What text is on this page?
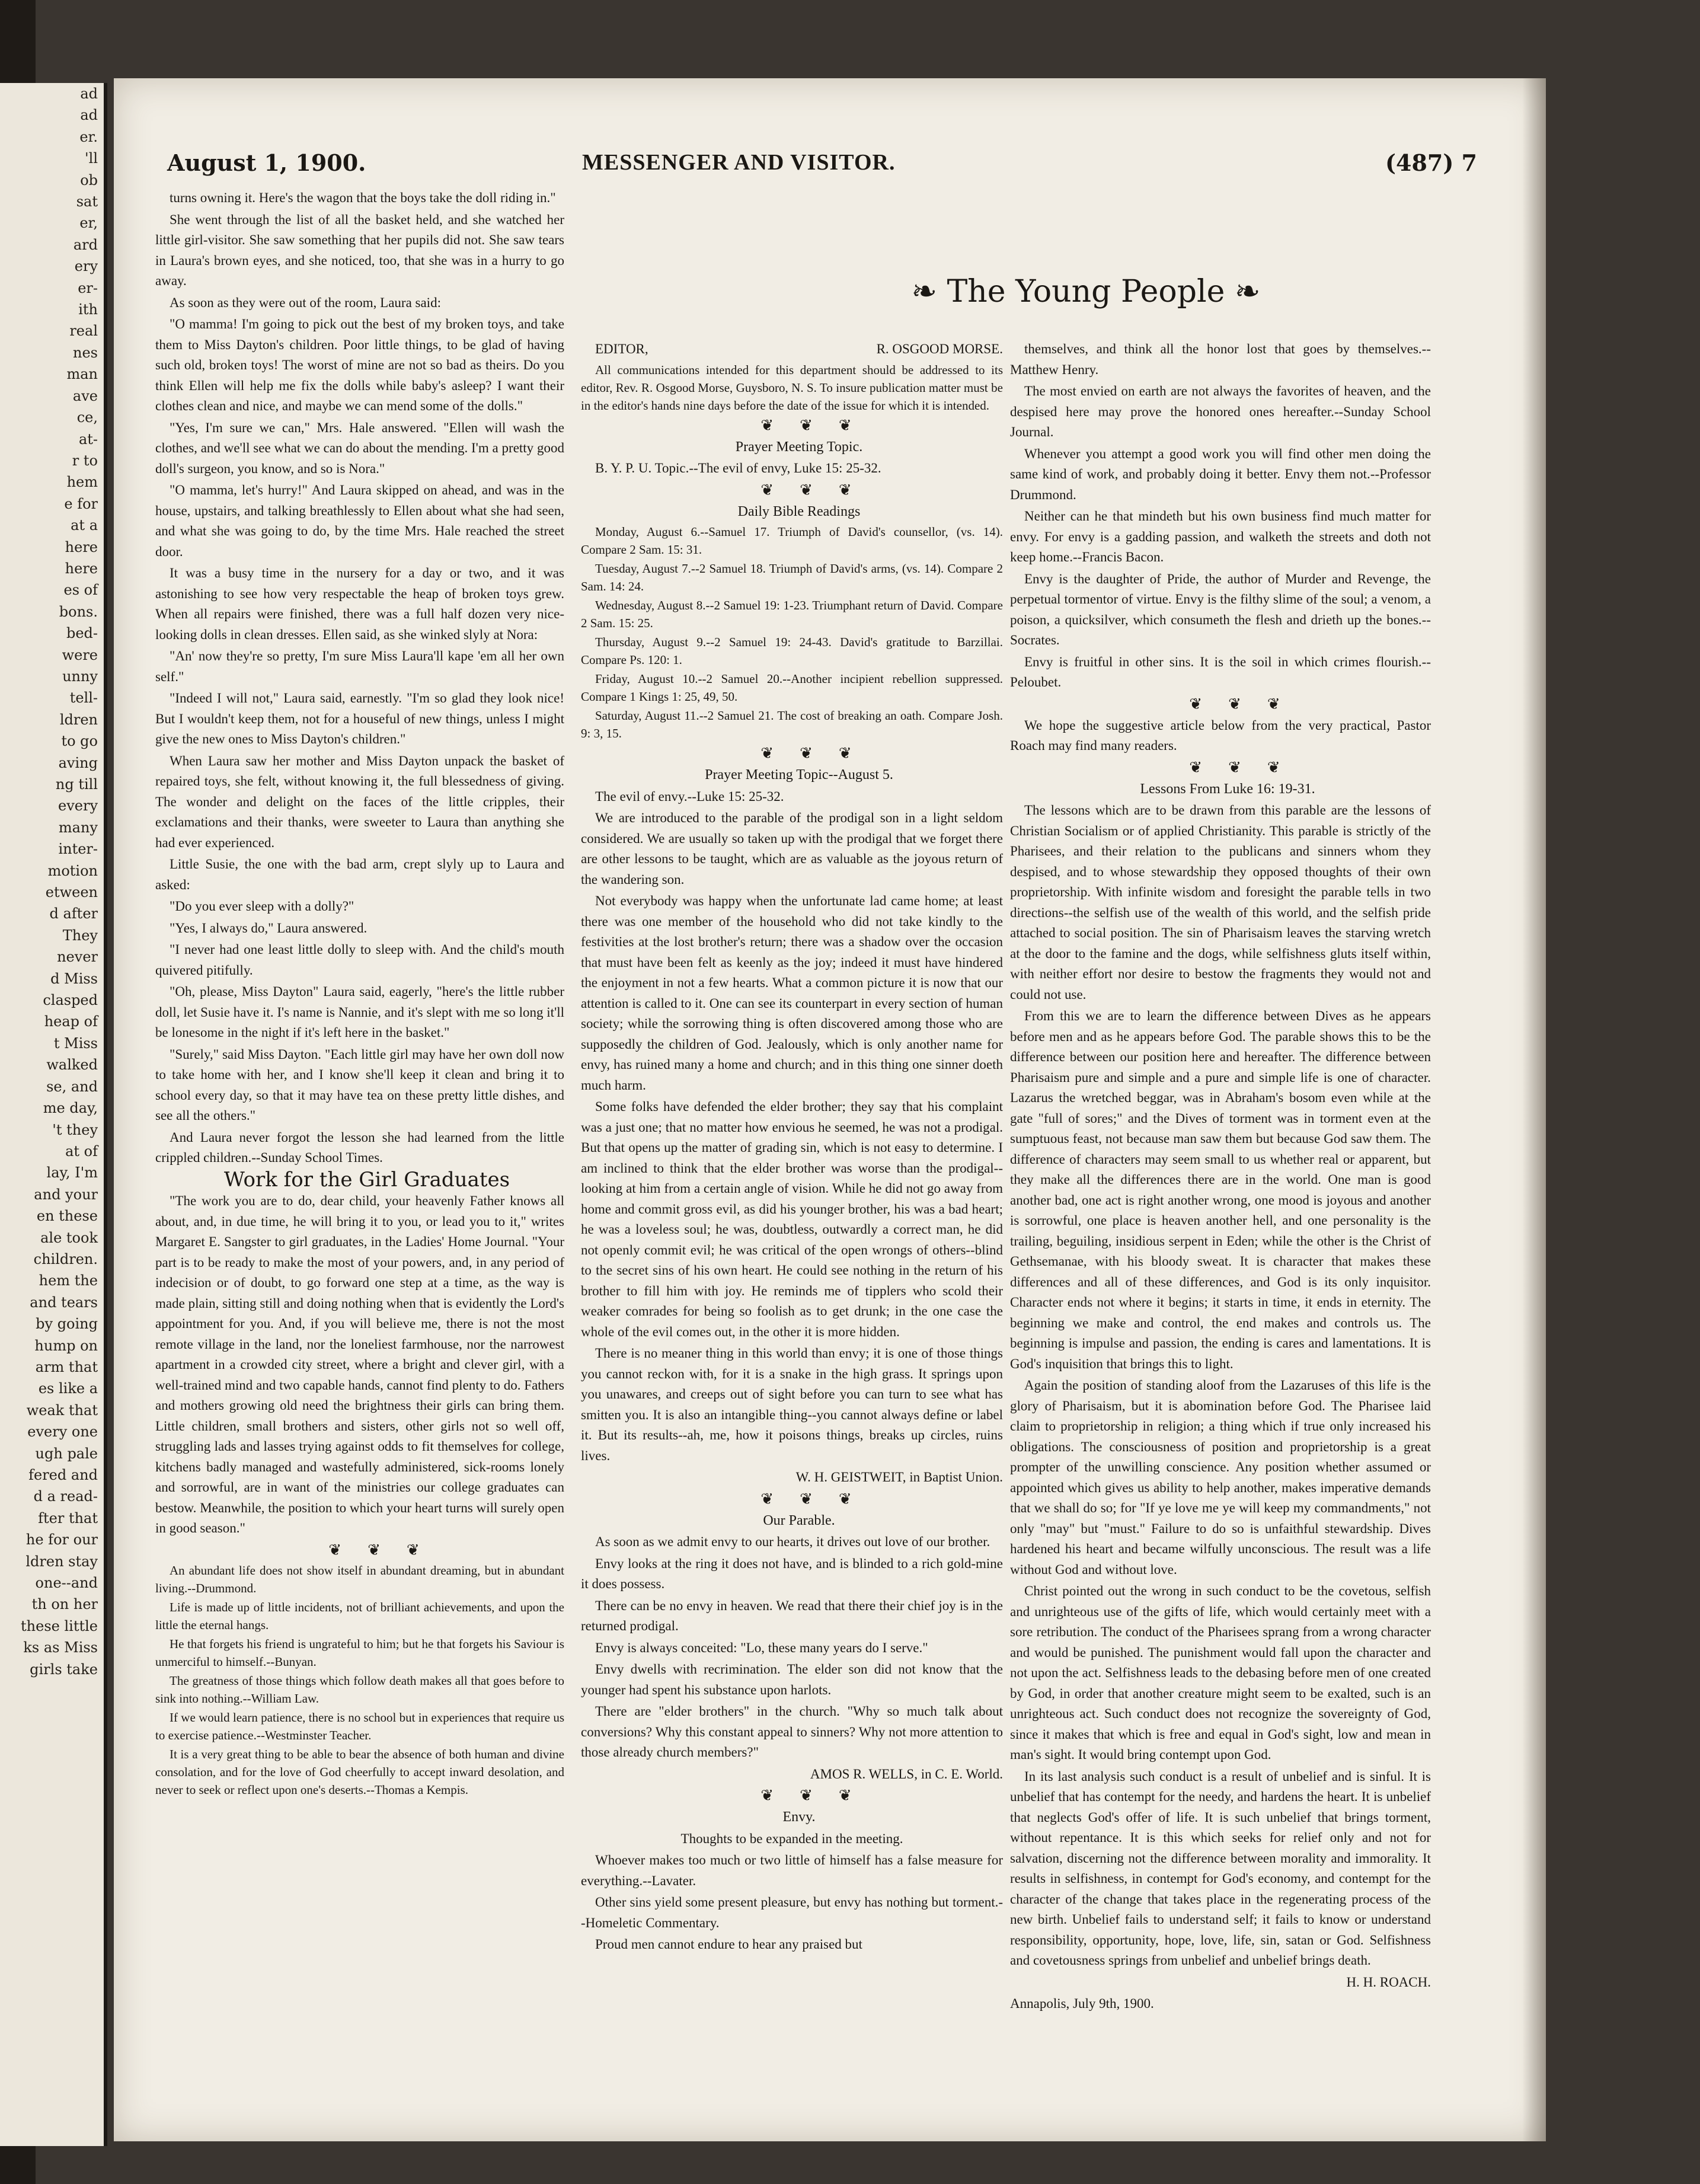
ad

ad

er.

'll

ob

sat

er,

ard

ery

er-

ith

real

nes

man

ave

ce,

at-

r to

hem

e for

at a

here

here

es of

bons.

bed-

were

unny

tell-

ldren

to go

aving

ng till

every

many

inter-

motion

etween

d after

They

never

d Miss

clasped

heap of

t Miss

walked

se, and

me day,

't they

at of

lay, I'm

and your

en these

ale took

children.

hem the

and tears

by going

hump on

arm that

es like a

weak that

every one

ugh pale

fered and

d a read-

fter that

he for our

ldren stay

one--and

th on her

these little

ks as Miss

girls take

August 1, 1900.	MESSENGER AND VISITOR.	(487) 7
❧ The Young People ❧

turns owning it. Here's the wagon that the boys take the doll riding in."

She went through the list of all the basket held, and she watched her little girl-visitor. She saw something that her pupils did not. She saw tears in Laura's brown eyes, and she noticed, too, that she was in a hurry to go away.

As soon as they were out of the room, Laura said:

"O mamma! I'm going to pick out the best of my broken toys, and take them to Miss Dayton's children. Poor little things, to be glad of having such old, broken toys! The worst of mine are not so bad as theirs. Do you think Ellen will help me fix the dolls while baby's asleep? I want their clothes clean and nice, and maybe we can mend some of the dolls."

"Yes, I'm sure we can," Mrs. Hale answered. "Ellen will wash the clothes, and we'll see what we can do about the mending. I'm a pretty good doll's surgeon, you know, and so is Nora."

"O mamma, let's hurry!" And Laura skipped on ahead, and was in the house, upstairs, and talking breathlessly to Ellen about what she had seen, and what she was going to do, by the time Mrs. Hale reached the street door.

It was a busy time in the nursery for a day or two, and it was astonishing to see how very respectable the heap of broken toys grew. When all repairs were finished, there was a full half dozen very nice-looking dolls in clean dresses. Ellen said, as she winked slyly at Nora:

"An' now they're so pretty, I'm sure Miss Laura'll kape 'em all her own self."

"Indeed I will not," Laura said, earnestly. "I'm so glad they look nice! But I wouldn't keep them, not for a houseful of new things, unless I might give the new ones to Miss Dayton's children."

When Laura saw her mother and Miss Dayton unpack the basket of repaired toys, she felt, without knowing it, the full blessedness of giving. The wonder and delight on the faces of the little cripples, their exclamations and their thanks, were sweeter to Laura than anything she had ever experienced.

Little Susie, the one with the bad arm, crept slyly up to Laura and asked:

"Do you ever sleep with a dolly?"

"Yes, I always do," Laura answered.

"I never had one least little dolly to sleep with. And the child's mouth quivered pitifully.

"Oh, please, Miss Dayton" Laura said, eagerly, "here's the little rubber doll, let Susie have it. I's name is Nannie, and it's slept with me so long it'll be lonesome in the night if it's left here in the basket."

"Surely," said Miss Dayton. "Each little girl may have her own doll now to take home with her, and I know she'll keep it clean and bring it to school every day, so that it may have tea on these pretty little dishes, and see all the others."

And Laura never forgot the lesson she had learned from the little crippled children.--Sunday School Times.

Work for the Girl Graduates

"The work you are to do, dear child, your heavenly Father knows all about, and, in due time, he will bring it to you, or lead you to it," writes Margaret E. Sangster to girl graduates, in the Ladies' Home Journal. "Your part is to be ready to make the most of your powers, and, in any period of indecision or of doubt, to go forward one step at a time, as the way is made plain, sitting still and doing nothing when that is evidently the Lord's appointment for you. And, if you will believe me, there is not the most remote village in the land, nor the loneliest farmhouse, nor the narrowest apartment in a crowded city street, where a bright and clever girl, with a well-trained mind and two capable hands, cannot find plenty to do. Fathers and mothers growing old need the brightness their girls can bring them. Little children, small brothers and sisters, other girls not so well off, struggling lads and lasses trying against odds to fit themselves for college, kitchens badly managed and wastefully administered, sick-rooms lonely and sorrowful, are in want of the ministries our college graduates can bestow. Meanwhile, the position to which your heart turns will surely open in good season."

❦ ❦ ❦

An abundant life does not show itself in abundant dreaming, but in abundant living.--Drummond.

Life is made up of little incidents, not of brilliant achievements, and upon the little the eternal hangs.

He that forgets his friend is ungrateful to him; but he that forgets his Saviour is unmerciful to himself.--Bunyan.

The greatness of those things which follow death makes all that goes before to sink into nothing.--William Law.

If we would learn patience, there is no school but in experiences that require us to exercise patience.--Westminster Teacher.

It is a very great thing to be able to bear the absence of both human and divine consolation, and for the love of God cheerfully to accept inward desolation, and never to seek or reflect upon one's deserts.--Thomas a Kempis.

EDITOR,	R. OSGOOD MORSE.

All communications intended for this department should be addressed to its editor, Rev. R. Osgood Morse, Guysboro, N. S. To insure publication matter must be in the editor's hands nine days before the date of the issue for which it is intended.

❦ ❦ ❦

Prayer Meeting Topic.

B. Y. P. U. Topic.--The evil of envy, Luke 15: 25-32.

❦ ❦ ❦

Daily Bible Readings

Monday, August 6.--Samuel 17. Triumph of David's counsellor, (vs. 14). Compare 2 Sam. 15: 31.

Tuesday, August 7.--2 Samuel 18. Triumph of David's arms, (vs. 14). Compare 2 Sam. 14: 24.

Wednesday, August 8.--2 Samuel 19: 1-23. Triumphant return of David. Compare 2 Sam. 15: 25.

Thursday, August 9.--2 Samuel 19: 24-43. David's gratitude to Barzillai. Compare Ps. 120: 1.

Friday, August 10.--2 Samuel 20.--Another incipient rebellion suppressed. Compare 1 Kings 1: 25, 49, 50.

Saturday, August 11.--2 Samuel 21. The cost of breaking an oath. Compare Josh. 9: 3, 15.

❦ ❦ ❦

Prayer Meeting Topic--August 5.

The evil of envy.--Luke 15: 25-32.

We are introduced to the parable of the prodigal son in a light seldom considered. We are usually so taken up with the prodigal that we forget there are other lessons to be taught, which are as valuable as the joyous return of the wandering son.

Not everybody was happy when the unfortunate lad came home; at least there was one member of the household who did not take kindly to the festivities at the lost brother's return; there was a shadow over the occasion that must have been felt as keenly as the joy; indeed it must have hindered the enjoyment in not a few hearts. What a common picture it is now that our attention is called to it. One can see its counterpart in every section of human society; while the sorrowing thing is often discovered among those who are supposedly the children of God. Jealously, which is only another name for envy, has ruined many a home and church; and in this thing one sinner doeth much harm.

Some folks have defended the elder brother; they say that his complaint was a just one; that no matter how envious he seemed, he was not a prodigal. But that opens up the matter of grading sin, which is not easy to determine. I am inclined to think that the elder brother was worse than the prodigal--looking at him from a certain angle of vision. While he did not go away from home and commit gross evil, as did his younger brother, his was a bad heart; he was a loveless soul; he was, doubtless, outwardly a correct man, he did not openly commit evil; he was critical of the open wrongs of others--blind to the secret sins of his own heart. He could see nothing in the return of his brother to fill him with joy. He reminds me of tipplers who scold their weaker comrades for being so foolish as to get drunk; in the one case the whole of the evil comes out, in the other it is more hidden.

There is no meaner thing in this world than envy; it is one of those things you cannot reckon with, for it is a snake in the high grass. It springs upon you unawares, and creeps out of sight before you can turn to see what has smitten you. It is also an intangible thing--you cannot always define or label it. But its results--ah, me, how it poisons things, breaks up circles, ruins lives.

W. H. GEISTWEIT, in Baptist Union.

❦ ❦ ❦

Our Parable.

As soon as we admit envy to our hearts, it drives out love of our brother.

Envy looks at the ring it does not have, and is blinded to a rich gold-mine it does possess.

There can be no envy in heaven. We read that there their chief joy is in the returned prodigal.

Envy is always conceited: "Lo, these many years do I serve."

Envy dwells with recrimination. The elder son did not know that the younger had spent his substance upon harlots.

There are "elder brothers" in the church. "Why so much talk about conversions? Why this constant appeal to sinners? Why not more attention to those already church members?"

AMOS R. WELLS, in C. E. World.

❦ ❦ ❦

Envy.

Thoughts to be expanded in the meeting.

Whoever makes too much or two little of himself has a false measure for everything.--Lavater.

Other sins yield some present pleasure, but envy has nothing but torment.--Homeletic Commentary.

Proud men cannot endure to hear any praised but

themselves, and think all the honor lost that goes by themselves.--Matthew Henry.

The most envied on earth are not always the favorites of heaven, and the despised here may prove the honored ones hereafter.--Sunday School Journal.

Whenever you attempt a good work you will find other men doing the same kind of work, and probably doing it better. Envy them not.--Professor Drummond.

Neither can he that mindeth but his own business find much matter for envy. For envy is a gadding passion, and walketh the streets and doth not keep home.--Francis Bacon.

Envy is the daughter of Pride, the author of Murder and Revenge, the perpetual tormentor of virtue. Envy is the filthy slime of the soul; a venom, a poison, a quicksilver, which consumeth the flesh and drieth up the bones.--Socrates.

Envy is fruitful in other sins. It is the soil in which crimes flourish.--Peloubet.

❦ ❦ ❦

We hope the suggestive article below from the very practical, Pastor Roach may find many readers.

❦ ❦ ❦

Lessons From Luke 16: 19-31.

The lessons which are to be drawn from this parable are the lessons of Christian Socialism or of applied Christianity. This parable is strictly of the Pharisees, and their relation to the publicans and sinners whom they despised, and to whose stewardship they opposed thoughts of their own proprietorship. With infinite wisdom and foresight the parable tells in two directions--the selfish use of the wealth of this world, and the selfish pride attached to social position. The sin of Pharisaism leaves the starving wretch at the door to the famine and the dogs, while selfishness gluts itself within, with neither effort nor desire to bestow the fragments they would not and could not use.

From this we are to learn the difference between Dives as he appears before men and as he appears before God. The parable shows this to be the difference between our position here and hereafter. The difference between Pharisaism pure and simple and a pure and simple life is one of character. Lazarus the wretched beggar, was in Abraham's bosom even while at the gate "full of sores;" and the Dives of torment was in torment even at the sumptuous feast, not because man saw them but because God saw them. The difference of characters may seem small to us whether real or apparent, but they make all the differences there are in the world. One man is good another bad, one act is right another wrong, one mood is joyous and another is sorrowful, one place is heaven another hell, and one personality is the trailing, beguiling, insidious serpent in Eden; while the other is the Christ of Gethsemanae, with his bloody sweat. It is character that makes these differences and all of these differences, and God is its only inquisitor. Character ends not where it begins; it starts in time, it ends in eternity. The beginning we make and control, the end makes and controls us. The beginning is impulse and passion, the ending is cares and lamentations. It is God's inquisition that brings this to light.

Again the position of standing aloof from the Lazaruses of this life is the glory of Pharisaism, but it is abomination before God. The Pharisee laid claim to proprietorship in religion; a thing which if true only increased his obligations. The consciousness of position and proprietorship is a great prompter of the unwilling conscience. Any position whether assumed or appointed which gives us ability to help another, makes imperative demands that we shall do so; for "If ye love me ye will keep my commandments," not only "may" but "must." Failure to do so is unfaithful stewardship. Dives hardened his heart and became wilfully unconscious. The result was a life without God and without love.

Christ pointed out the wrong in such conduct to be the covetous, selfish and unrighteous use of the gifts of life, which would certainly meet with a sore retribution. The conduct of the Pharisees sprang from a wrong character and would be punished. The punishment would fall upon the character and not upon the act. Selfishness leads to the debasing before men of one created by God, in order that another creature might seem to be exalted, such is an unrighteous act. Such conduct does not recognize the sovereignty of God, since it makes that which is free and equal in God's sight, low and mean in man's sight. It would bring contempt upon God.

In its last analysis such conduct is a result of unbelief and is sinful. It is unbelief that has contempt for the needy, and hardens the heart. It is unbelief that neglects God's offer of life. It is such unbelief that brings torment, without repentance. It is this which seeks for relief only and not for salvation, discerning not the difference between morality and immorality. It results in selfishness, in contempt for God's economy, and contempt for the character of the change that takes place in the regenerating process of the new birth. Unbelief fails to understand self; it fails to know or understand responsibility, opportunity, hope, love, life, sin, satan or God. Selfishness and covetousness springs from unbelief and unbelief brings death.

H. H. ROACH.

Annapolis, July 9th, 1900.
